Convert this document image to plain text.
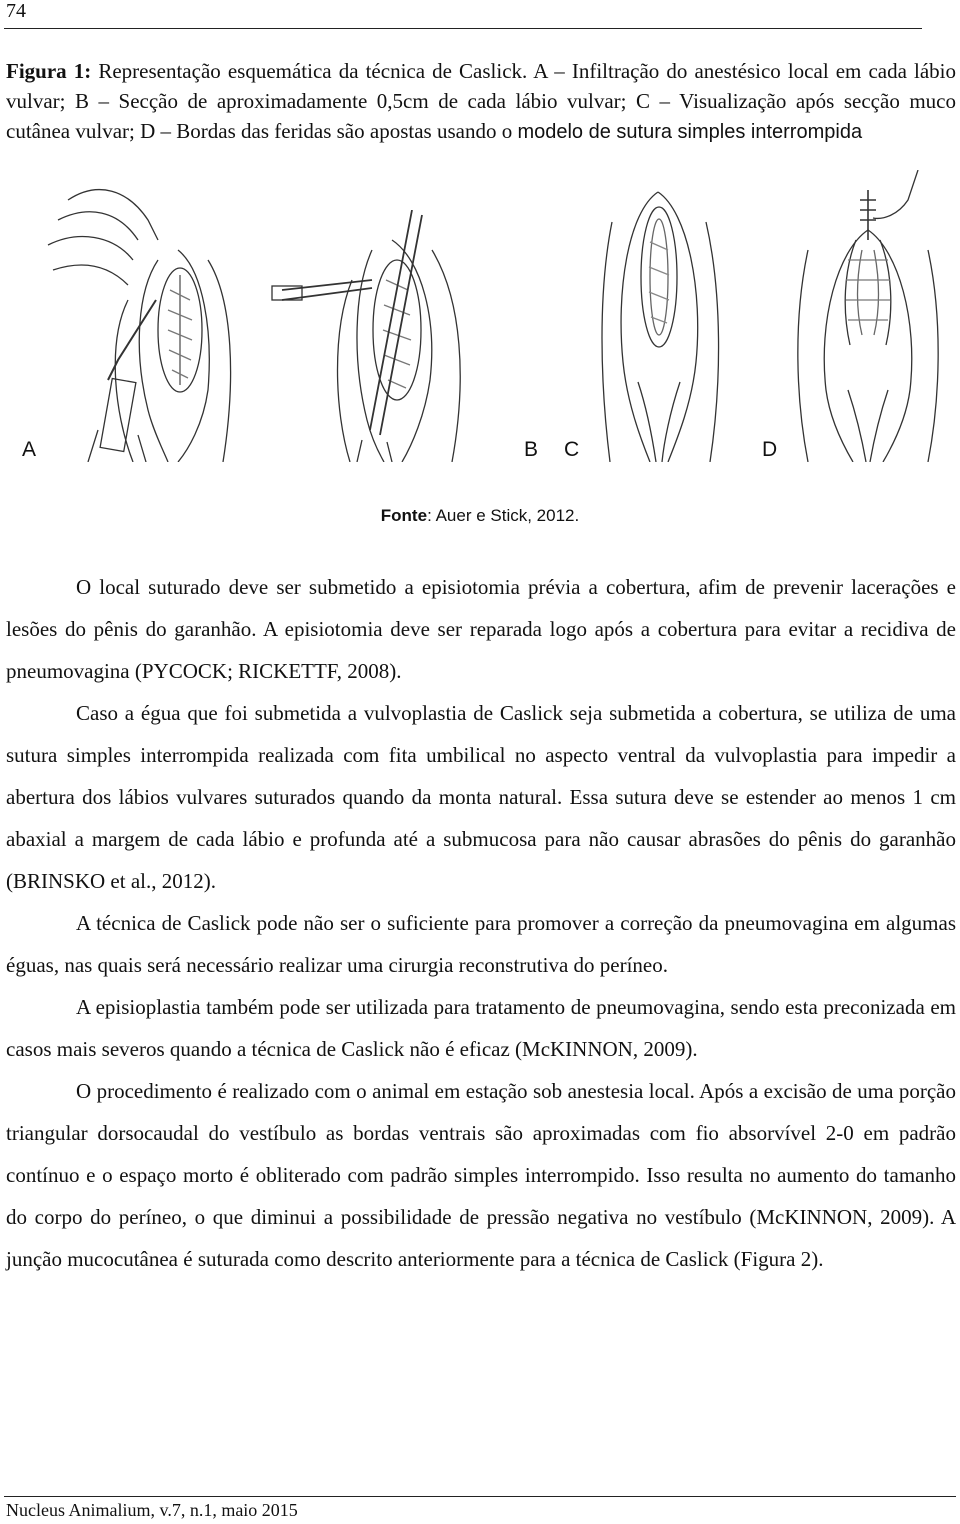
74
Figura 1: Representação esquemática da técnica de Caslick. A – Infiltração do anestésico local em cada lábio vulvar; B – Secção de aproximadamente 0,5cm de cada lábio vulvar; C – Visualização após secção muco cutânea vulvar; D – Bordas das feridas são apostas usando o modelo de sutura simples interrompida
A	B C	D
Fonte: Auer e Stick, 2012.

O local suturado deve ser submetido a episiotomia prévia a cobertura, afim de prevenir lacerações e lesões do pênis do garanhão. A episiotomia deve ser reparada logo após a cobertura para evitar a recidiva de pneumovagina (PYCOCK; RICKETTF, 2008).

Caso a égua que foi submetida a vulvoplastia de Caslick seja submetida a cobertura, se utiliza de uma sutura simples interrompida realizada com fita umbilical no aspecto ventral da vulvoplastia para impedir a abertura dos lábios vulvares suturados quando da monta natural. Essa sutura deve se estender ao menos 1 cm abaxial a margem de cada lábio e profunda até a submucosa para não causar abrasões do pênis do garanhão (BRINSKO et al., 2012).

A técnica de Caslick pode não ser o suficiente para promover a correção da pneumovagina em algumas éguas, nas quais será necessário realizar uma cirurgia reconstrutiva do períneo.

A episioplastia também pode ser utilizada para tratamento de pneumovagina, sendo esta preconizada em casos mais severos quando a técnica de Caslick não é eficaz (McKINNON, 2009).

O procedimento é realizado com o animal em estação sob anestesia local. Após a excisão de uma porção triangular dorsocaudal do vestíbulo as bordas ventrais são aproximadas com fio absorvível 2-0 em padrão contínuo e o espaço morto é obliterado com padrão simples interrompido. Isso resulta no aumento do tamanho do corpo do períneo, o que diminui a possibilidade de pressão negativa no vestíbulo (McKINNON, 2009). A junção mucocutânea é suturada como descrito anteriormente para a técnica de Caslick (Figura 2).

Nucleus Animalium, v.7, n.1, maio 2015
